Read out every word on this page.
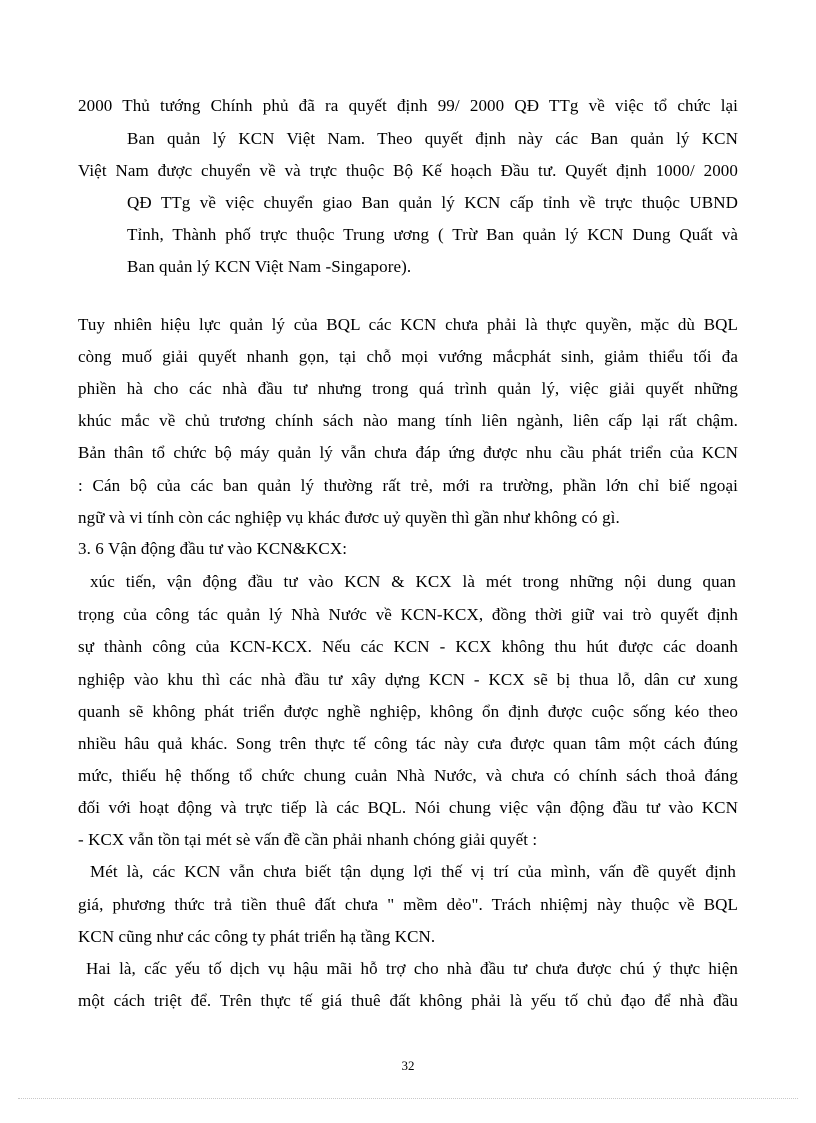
2000 Thủ tướng Chính phủ đã ra quyết định 99/ 2000 QĐ TTg về việc tổ chức lại
Ban quản lý KCN Việt Nam. Theo quyết định này các Ban quản lý KCN
Việt Nam được chuyển về và trực thuộc Bộ Kế hoạch Đầu tư. Quyết định 1000/ 2000
QĐ TTg về việc chuyển giao Ban quản lý KCN cấp tỉnh về trực thuộc UBND
Tỉnh, Thành phố trực thuộc Trung ương ( Trừ Ban quản lý KCN Dung Quất và
Ban quản lý KCN Việt Nam -Singapore).
Tuy nhiên hiệu lực quản lý của BQL các KCN chưa phải là thực quyền, mặc dù BQL
còng muố giải quyết nhanh gọn, tại chỗ mọi vướng mắcphát sinh, giảm thiểu tối đa
phiền hà cho các nhà đầu tư nhưng trong quá trình quản lý, việc giải quyết những
khúc mắc về chủ trương chính sách nào mang tính liên ngành, liên cấp lại rất chậm.
Bản thân tổ chức bộ máy quản lý vẫn chưa đáp ứng được nhu cầu phát triển của KCN
: Cán bộ của các ban quản lý thường rất trẻ, mới ra trường, phần lớn chỉ biế ngoại
ngữ và vi tính còn các nghiệp vụ khác đươc uỷ quyền thì gần như không có gì.
3. 6 Vận động đầu tư vào KCN&KCX:
xúc tiến, vận động đầu tư vào KCN & KCX là mét trong những nội dung quan
trọng của công tác quản lý Nhà Nước về KCN-KCX, đồng thời giữ vai trò quyết định
sự thành công của KCN-KCX. Nếu các KCN - KCX không thu hút được các doanh
nghiệp vào khu thì các nhà đầu tư xây dựng KCN - KCX sẽ bị thua lỗ, dân cư xung
quanh sẽ không phát triển được nghề nghiệp, không ổn định được cuộc sống kéo theo
nhiều hâu quả khác. Song trên thực tế công tác này cưa được quan tâm một cách đúng
mức, thiếu hệ thống tổ chức chung cuản Nhà Nước, và chưa có chính sách thoả đáng
đối với hoạt động và trực tiếp là các BQL. Nói chung việc vận động đầu tư vào KCN
- KCX vẫn tồn tại mét sè vấn đề cần phải nhanh chóng giải quyết :
Mét là, các KCN vẫn chưa biết tận dụng lợi thế vị trí của mình, vấn đề quyết định
giá, phương thức trả tiền thuê đất chưa " mềm dẻo". Trách nhiệmj này thuộc về BQL
KCN cũng như các công ty phát triển hạ tầng KCN.
Hai là, cấc yếu tố dịch vụ hậu mãi hỗ trợ cho nhà đầu tư chưa được chú ý thực hiện
một cách triệt để. Trên thực tế giá thuê đất không phải là yếu tố chủ đạo để nhà đầu
32
